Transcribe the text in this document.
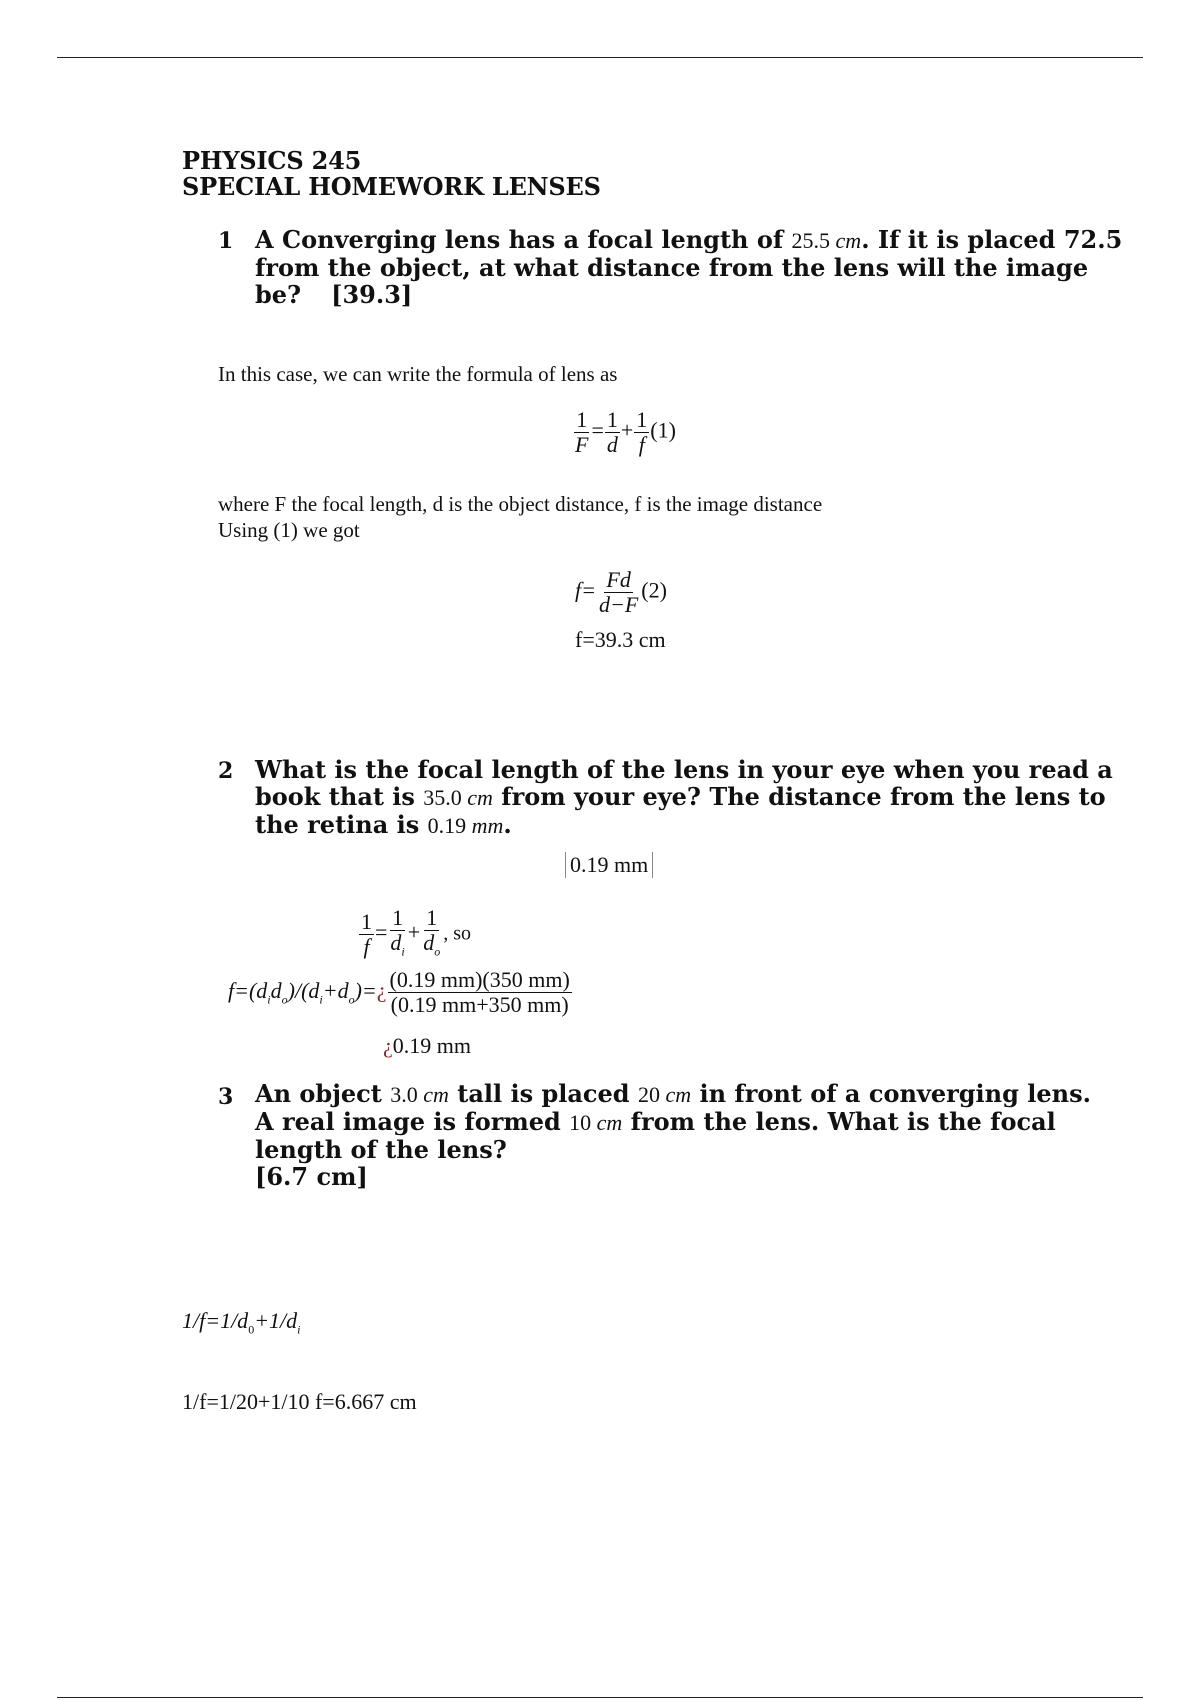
PHYSICS 245
SPECIAL HOMEWORK LENSES
1 A Converging lens has a focal length of 25.5 cm. If it is placed 72.5
from the object, at what distance from the lens will the image
be? [39.3]
In this case, we can write the formula of lens as
$\frac{1}{F} = \frac{1}{d} + \frac{1}{f} (1)$
where F the focal length, d is the object distance, f is the image distance
Using (1) we got
$f= \frac{Fd}{d-F} (2)$
f=39.3 cm
2 What is the focal length of the lens in your eye when you read a
book that is 35.0 cm from your eye? The distance from the lens to
the retina is 0.19 mm.
0.19 mm
$\frac{1}{f} = \frac{1}{d_i} + \frac{1}{d_o}$ , so
$f=(d_id_o)/(d_i+d_o)=¿ \frac{(0.19 mm)(350 mm)}{(0.19 mm+350 mm)}$
¿0.19 mm
3 An object 3.0 cm tall is placed 20 cm in front of a converging lens.
A real image is formed 10 cm from the lens. What is the focal
length of the lens?
[6.7 cm]
$1/f=1/d_0+1/d_i$
1/f=1/20+1/10 f=6.667 cm
